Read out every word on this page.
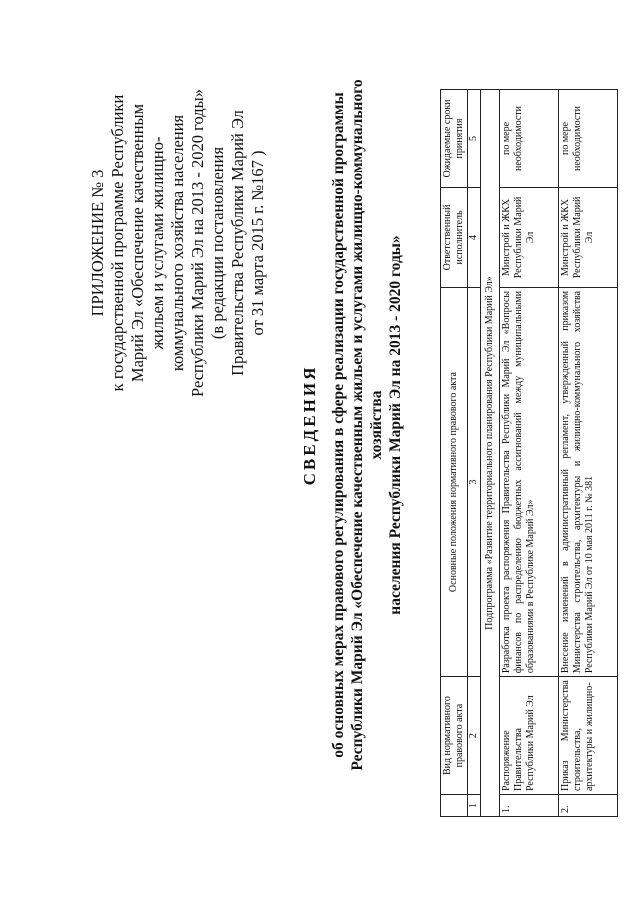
ПРИЛОЖЕНИЕ № 3 к государственной программе Республики Марий Эл «Обеспечение качественным жильем и услугами жилищно- коммунального хозяйства населения Республики Марий Эл на 2013 - 2020 годы» (в редакции постановления Правительства Республики Марий Эл от 31 марта 2015 г. №167 )
СВЕДЕНИЯ об основных мерах правового регулирования в сфере реализации государственной программы Республики Марий Эл «Обеспечение качественным жильем и услугами жилищно-коммунального хозяйства населения Республики Марий Эл на 2013 - 2020 годы»
	Вид нормативного правового акта	Основные положения нормативного правового акта	Ответственный исполнитель	Ожидаемые сроки принятия
1	2	3	4	5
Подпрограмма «Развитие территориального планирования Республики Марий Эл»				
1.	Распоряжение Правительства Республики Марий Эл	Разработка проекта распоряжения Правительства Республики Марий Эл «Вопросы финансов по распределению бюджетных ассигнований между муниципальными образованиями в Республике Марий Эл»	Минстрой и ЖКХ Республики Марий Эл	по мере необходимости
2.	Приказ Министерства строительства, архитектуры и жилищно-	Внесение изменений в административный регламент, утвержденный приказом Министерства строительства, архитектуры и жилищно-коммунального хозяйства Республики Марий Эл от 10 мая 2011 г. № 381	Минстрой и ЖКХ Республики Марий Эл	по мере необходимости
